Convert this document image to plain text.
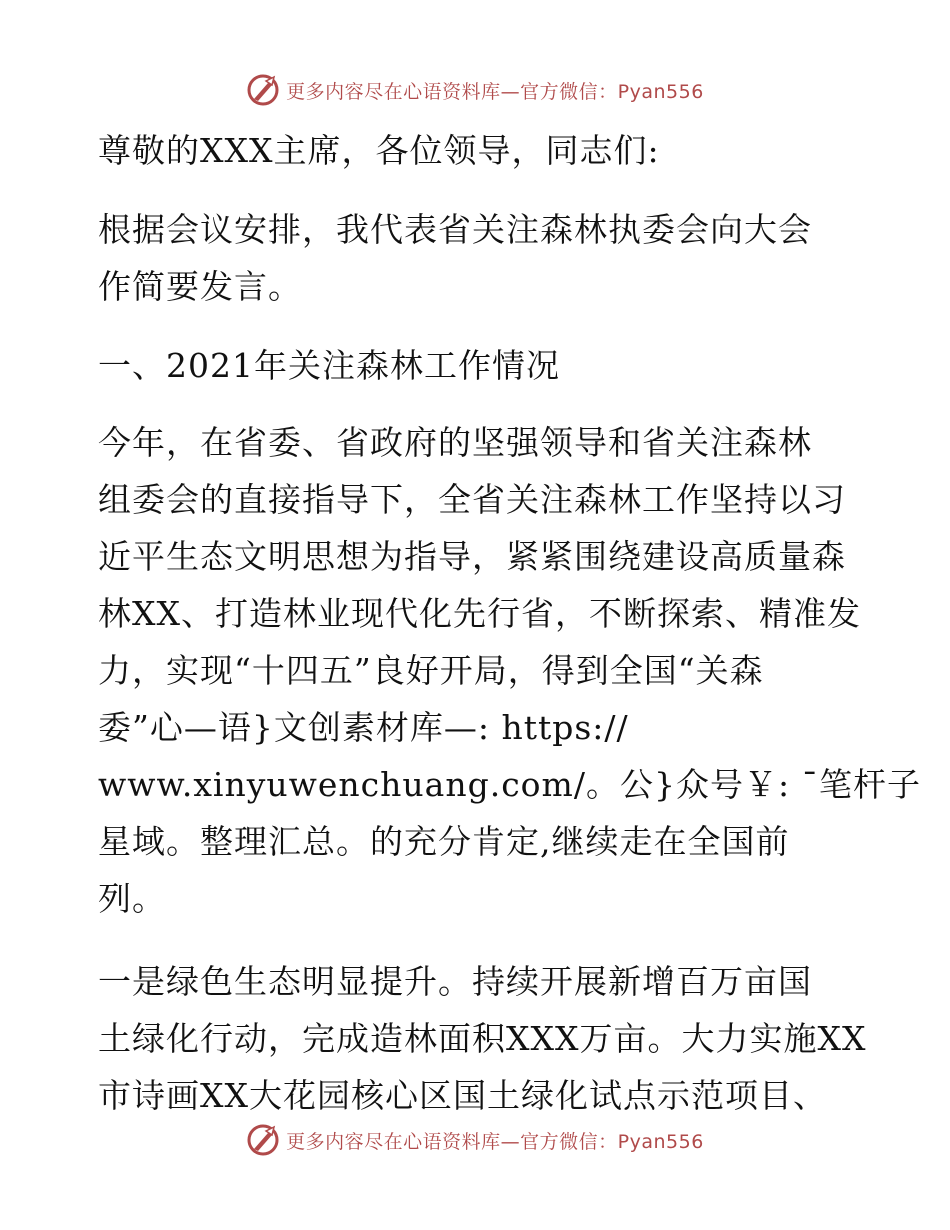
更多内容尽在心语资料库—官方微信：Pyan556

尊敬的XXX主席，各位领导，同志们:

根据会议安排，我代表省关注森林执委会向大会
作简要发言。

一、2021年关注森林工作情况

今年，在省委、省政府的坚强领导和省关注森林
组委会的直接指导下，全省关注森林工作坚持以习
近平生态文明思想为指导，紧紧围绕建设高质量森
林XX、打造林业现代化先行省，不断探索、精准发
力，实现“十四五”良好开局，得到全国“关森
委”心—语}文创素材库—: https://
www.xinyuwenchuang.com/。公}众号￥: ¯笔杆子
星域。整理汇总。的充分肯定,继续走在全国前
列。

一是绿色生态明显提升。持续开展新增百万亩国
土绿化行动，完成造林面积XXX万亩。大力实施XX
市诗画XX大花园核心区国土绿化试点示范项目、

更多内容尽在心语资料库—官方微信：Pyan556
